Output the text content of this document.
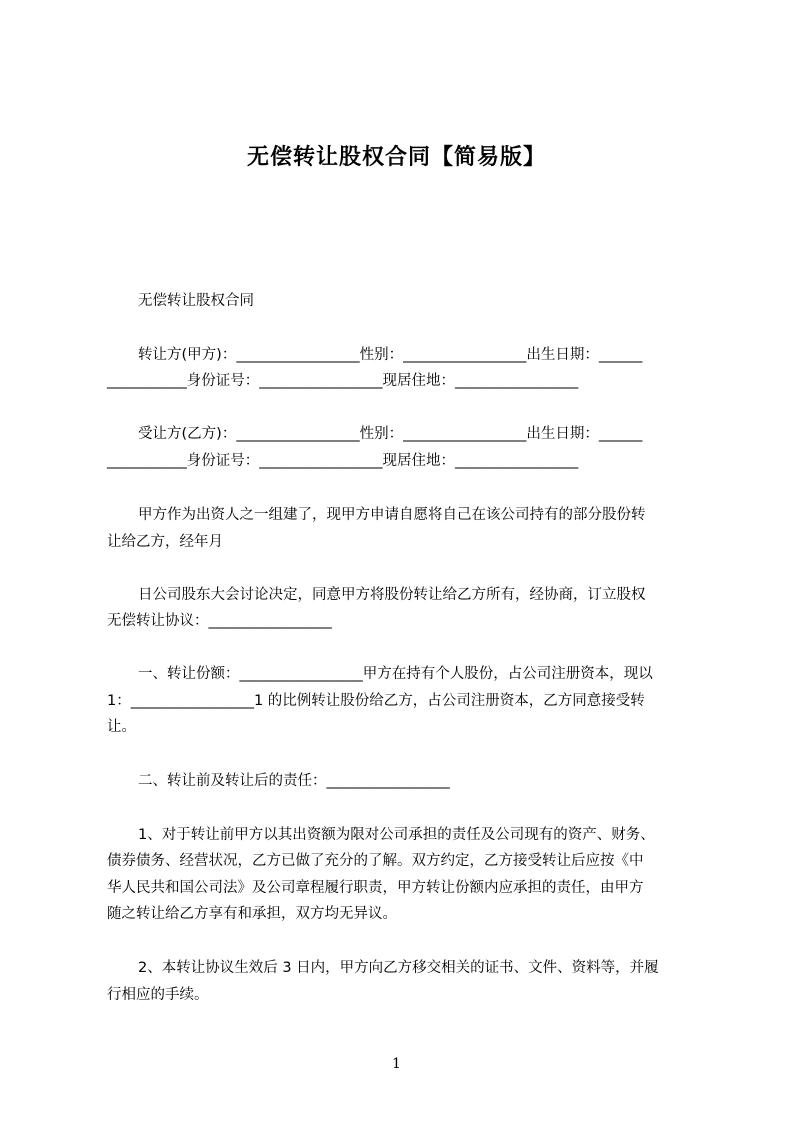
无偿转让股权合同【简易版】
无偿转让股权合同
转让方(甲方)：_________________性别：_________________出生日期：______
___________身份证号：_________________现居住地：_________________
受让方(乙方)：_________________性别：_________________出生日期：______
___________身份证号：_________________现居住地：_________________
甲方作为出资人之一组建了，现甲方申请自愿将自己在该公司持有的部分股份转
让给乙方，经年月
日公司股东大会讨论决定，同意甲方将股份转让给乙方所有，经协商，订立股权
无偿转让协议：_________________
一、转让份额：_________________甲方在持有个人股份，占公司注册资本，现以
1：_________________1 的比例转让股份给乙方，占公司注册资本，乙方同意接受转
让。
二、转让前及转让后的责任：_________________
1、对于转让前甲方以其出资额为限对公司承担的责任及公司现有的资产、财务、
债券债务、经营状况，乙方已做了充分的了解。双方约定，乙方接受转让后应按《中
华人民共和国公司法》及公司章程履行职责，甲方转让份额内应承担的责任，由甲方
随之转让给乙方享有和承担，双方均无异议。
2、本转让协议生效后 3 日内，甲方向乙方移交相关的证书、文件、资料等，并履
行相应的手续。
1
